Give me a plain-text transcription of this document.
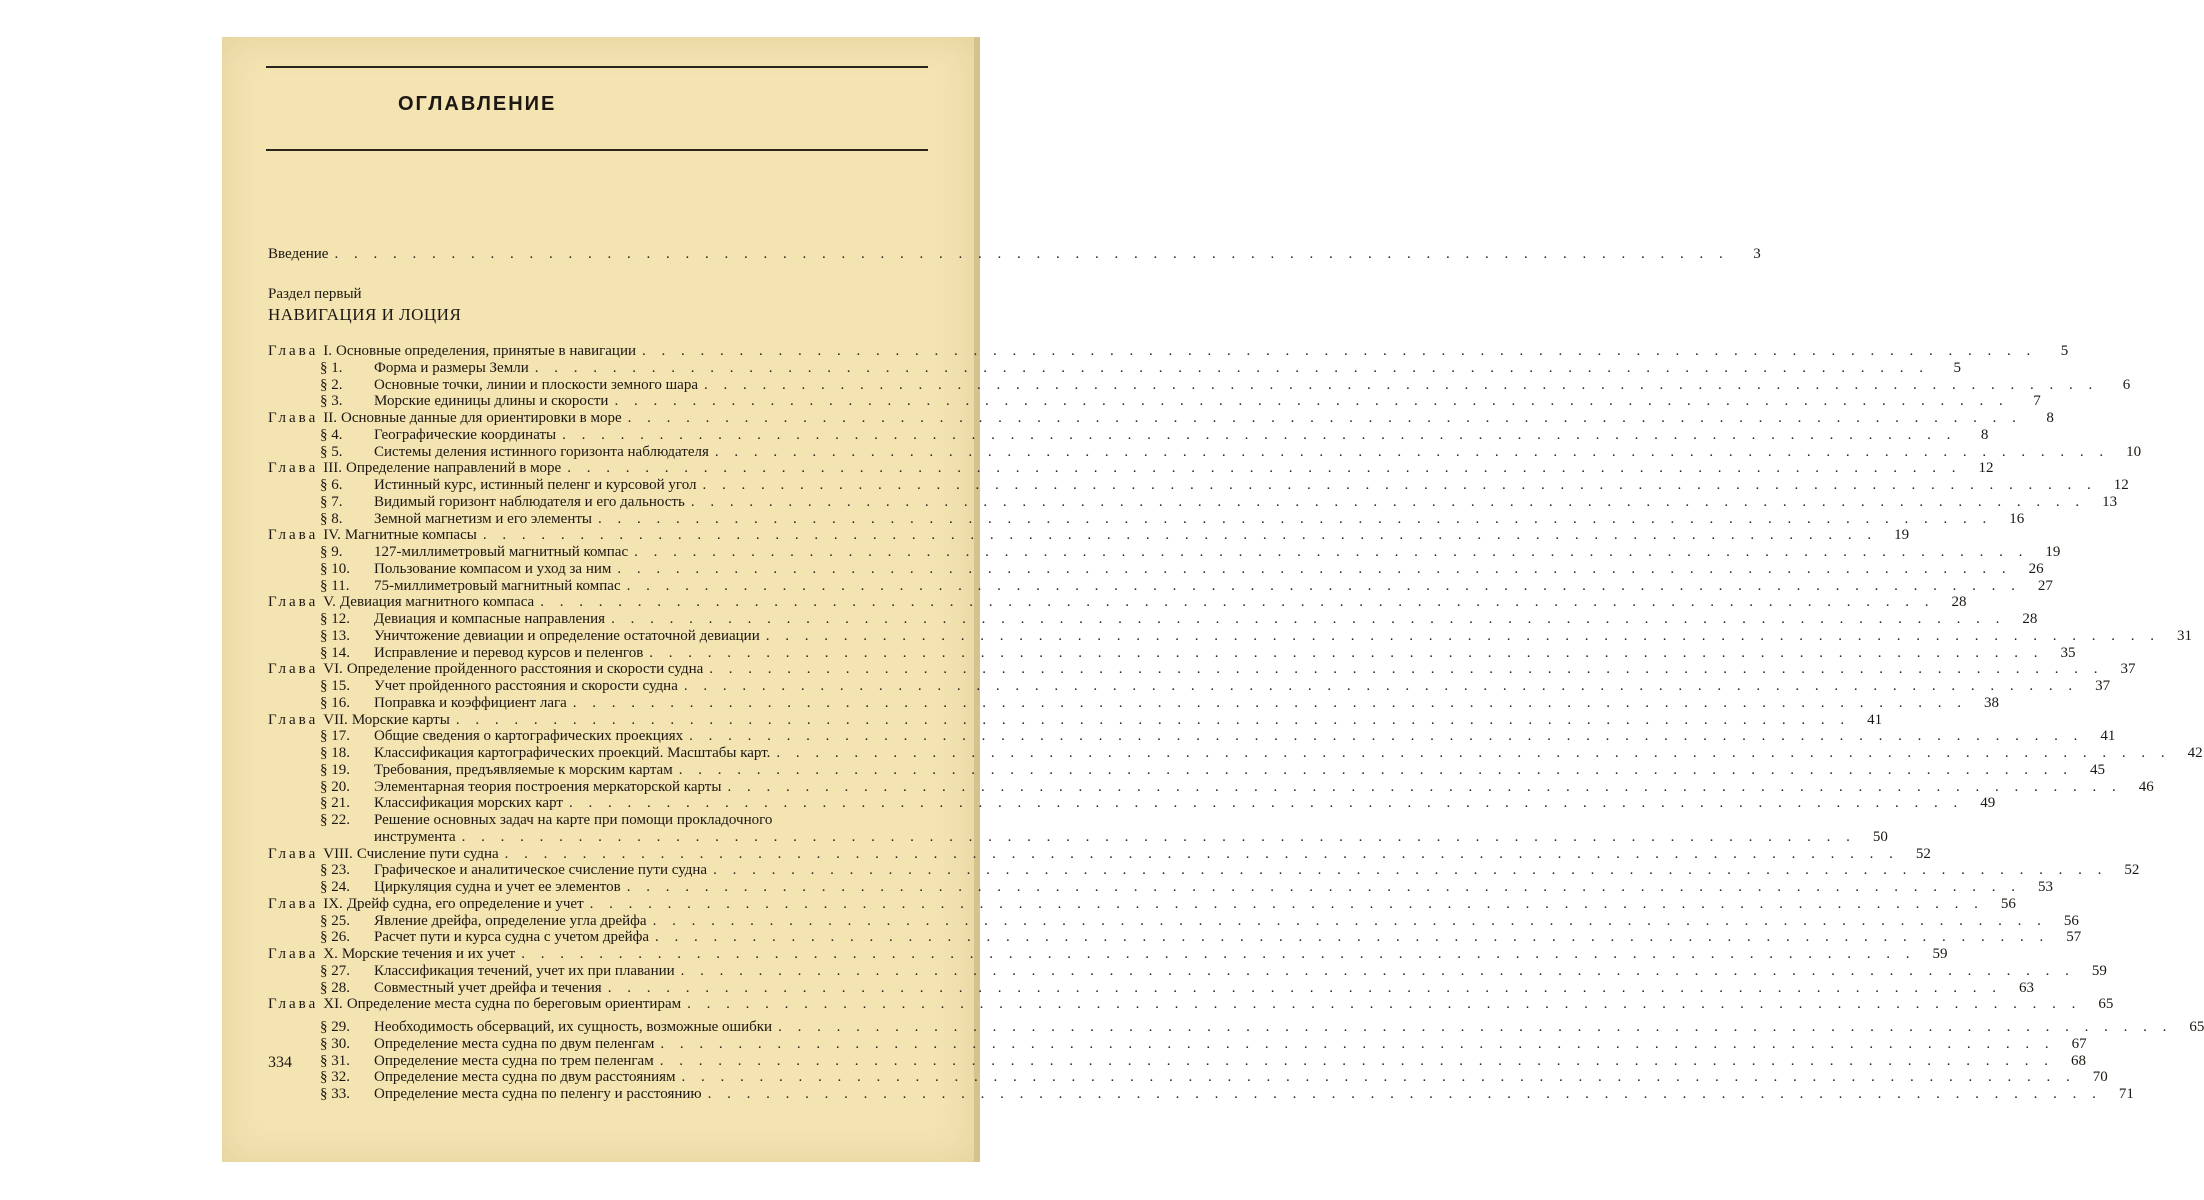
ОГЛАВЛЕНИЕ
Введение . . . . . . . . . . . . . . . . . . . . . . . . . . . . . . . . . . . . . . . . . . . . . . . . . . . . . . . . . . . . . . . . . . . . . . . .	3
Раздел первый
НАВИГАЦИЯ И ЛОЦИЯ
Глава I. Основные определения, принятые в навигации . . . . . . . . . . . . . . . . . . . . . . . . . . . . . . . . . . . . . . . . . . . . . . . . . . . . . . . . . . . . . . . . . . . . . . . .	5
§ 1.	Форма и размеры Земли . . . . . . . . . . . . . . . . . . . . . . . . . . . . . . . . . . . . . . . . . . . . . . . . . . . . . . . . . . . . . . . . . . . . . . . .	5
§ 2.	Основные точки, линии и плоскости земного шара . . . . . . . . . . . . . . . . . . . . . . . . . . . . . . . . . . . . . . . . . . . . . . . . . . . . . . . . . . . . . . . . . . . . . . . .	6
§ 3.	Морские единицы длины и скорости . . . . . . . . . . . . . . . . . . . . . . . . . . . . . . . . . . . . . . . . . . . . . . . . . . . . . . . . . . . . . . . . . . . . . . . .	7
Глава II. Основные данные для ориентировки в море . . . . . . . . . . . . . . . . . . . . . . . . . . . . . . . . . . . . . . . . . . . . . . . . . . . . . . . . . . . . . . . . . . . . . . . .	8
§ 4.	Географические координаты . . . . . . . . . . . . . . . . . . . . . . . . . . . . . . . . . . . . . . . . . . . . . . . . . . . . . . . . . . . . . . . . . . . . . . . .	8
§ 5.	Системы деления истинного горизонта наблюдателя . . . . . . . . . . . . . . . . . . . . . . . . . . . . . . . . . . . . . . . . . . . . . . . . . . . . . . . . . . . . . . . . . . . . . . . .	10
Глава III. Определение направлений в море . . . . . . . . . . . . . . . . . . . . . . . . . . . . . . . . . . . . . . . . . . . . . . . . . . . . . . . . . . . . . . . . . . . . . . . .	12
§ 6.	Истинный курс, истинный пеленг и курсовой угол . . . . . . . . . . . . . . . . . . . . . . . . . . . . . . . . . . . . . . . . . . . . . . . . . . . . . . . . . . . . . . . . . . . . . . . .	12
§ 7.	Видимый горизонт наблюдателя и его дальность . . . . . . . . . . . . . . . . . . . . . . . . . . . . . . . . . . . . . . . . . . . . . . . . . . . . . . . . . . . . . . . . . . . . . . . .	13
§ 8.	Земной магнетизм и его элементы . . . . . . . . . . . . . . . . . . . . . . . . . . . . . . . . . . . . . . . . . . . . . . . . . . . . . . . . . . . . . . . . . . . . . . . .	16
Глава IV. Магнитные компасы . . . . . . . . . . . . . . . . . . . . . . . . . . . . . . . . . . . . . . . . . . . . . . . . . . . . . . . . . . . . . . . . . . . . . . . .	19
§ 9.	127-миллиметровый магнитный компас . . . . . . . . . . . . . . . . . . . . . . . . . . . . . . . . . . . . . . . . . . . . . . . . . . . . . . . . . . . . . . . . . . . . . . . .	19
§ 10.	Пользование компасом и уход за ним . . . . . . . . . . . . . . . . . . . . . . . . . . . . . . . . . . . . . . . . . . . . . . . . . . . . . . . . . . . . . . . . . . . . . . . .	26
§ 11.	75-миллиметровый магнитный компас . . . . . . . . . . . . . . . . . . . . . . . . . . . . . . . . . . . . . . . . . . . . . . . . . . . . . . . . . . . . . . . . . . . . . . . .	27
Глава V. Девиация магнитного компаса . . . . . . . . . . . . . . . . . . . . . . . . . . . . . . . . . . . . . . . . . . . . . . . . . . . . . . . . . . . . . . . . . . . . . . . .	28
§ 12.	Девиация и компасные направления . . . . . . . . . . . . . . . . . . . . . . . . . . . . . . . . . . . . . . . . . . . . . . . . . . . . . . . . . . . . . . . . . . . . . . . .	28
§ 13.	Уничтожение девиации и определение остаточной девиации . . . . . . . . . . . . . . . . . . . . . . . . . . . . . . . . . . . . . . . . . . . . . . . . . . . . . . . . . . . . . . . . . . . . . . . .	31
§ 14.	Исправление и перевод курсов и пеленгов . . . . . . . . . . . . . . . . . . . . . . . . . . . . . . . . . . . . . . . . . . . . . . . . . . . . . . . . . . . . . . . . . . . . . . . .	35
Глава VI. Определение пройденного расстояния и скорости судна . . . . . . . . . . . . . . . . . . . . . . . . . . . . . . . . . . . . . . . . . . . . . . . . . . . . . . . . . . . . . . . . . . . . . . . .	37
§ 15.	Учет пройденного расстояния и скорости судна . . . . . . . . . . . . . . . . . . . . . . . . . . . . . . . . . . . . . . . . . . . . . . . . . . . . . . . . . . . . . . . . . . . . . . . .	37
§ 16.	Поправка и коэффициент лага . . . . . . . . . . . . . . . . . . . . . . . . . . . . . . . . . . . . . . . . . . . . . . . . . . . . . . . . . . . . . . . . . . . . . . . .	38
Глава VII. Морские карты . . . . . . . . . . . . . . . . . . . . . . . . . . . . . . . . . . . . . . . . . . . . . . . . . . . . . . . . . . . . . . . . . . . . . . . .	41
§ 17.	Общие сведения о картографических проекциях . . . . . . . . . . . . . . . . . . . . . . . . . . . . . . . . . . . . . . . . . . . . . . . . . . . . . . . . . . . . . . . . . . . . . . . .	41
§ 18.	Классификация картографических проекций. Масштабы карт. . . . . . . . . . . . . . . . . . . . . . . . . . . . . . . . . . . . . . . . . . . . . . . . . . . . . . . . . . . . . . . . . . . . . . . . .	42
§ 19.	Требования, предъявляемые к морским картам . . . . . . . . . . . . . . . . . . . . . . . . . . . . . . . . . . . . . . . . . . . . . . . . . . . . . . . . . . . . . . . . . . . . . . . .	45
§ 20.	Элементарная теория построения меркаторской карты . . . . . . . . . . . . . . . . . . . . . . . . . . . . . . . . . . . . . . . . . . . . . . . . . . . . . . . . . . . . . . . . . . . . . . . .	46
§ 21.	Классификация морских карт . . . . . . . . . . . . . . . . . . . . . . . . . . . . . . . . . . . . . . . . . . . . . . . . . . . . . . . . . . . . . . . . . . . . . . . .	49
§ 22.	Решение основных задач на карте при помощи прокладочного
инструмента . . . . . . . . . . . . . . . . . . . . . . . . . . . . . . . . . . . . . . . . . . . . . . . . . . . . . . . . . . . . . . . . . . . . . . . .	50
Глава VIII. Счисление пути судна . . . . . . . . . . . . . . . . . . . . . . . . . . . . . . . . . . . . . . . . . . . . . . . . . . . . . . . . . . . . . . . . . . . . . . . .	52
§ 23.	Графическое и аналитическое счисление пути судна . . . . . . . . . . . . . . . . . . . . . . . . . . . . . . . . . . . . . . . . . . . . . . . . . . . . . . . . . . . . . . . . . . . . . . . .	52
§ 24.	Циркуляция судна и учет ее элементов . . . . . . . . . . . . . . . . . . . . . . . . . . . . . . . . . . . . . . . . . . . . . . . . . . . . . . . . . . . . . . . . . . . . . . . .	53
Глава IX. Дрейф судна, его определение и учет . . . . . . . . . . . . . . . . . . . . . . . . . . . . . . . . . . . . . . . . . . . . . . . . . . . . . . . . . . . . . . . . . . . . . . . .	56
§ 25.	Явление дрейфа, определение угла дрейфа . . . . . . . . . . . . . . . . . . . . . . . . . . . . . . . . . . . . . . . . . . . . . . . . . . . . . . . . . . . . . . . . . . . . . . . .	56
§ 26.	Расчет пути и курса судна с учетом дрейфа . . . . . . . . . . . . . . . . . . . . . . . . . . . . . . . . . . . . . . . . . . . . . . . . . . . . . . . . . . . . . . . . . . . . . . . .	57
Глава X. Морские течения и их учет . . . . . . . . . . . . . . . . . . . . . . . . . . . . . . . . . . . . . . . . . . . . . . . . . . . . . . . . . . . . . . . . . . . . . . . .	59
§ 27.	Классификация течений, учет их при плавании . . . . . . . . . . . . . . . . . . . . . . . . . . . . . . . . . . . . . . . . . . . . . . . . . . . . . . . . . . . . . . . . . . . . . . . .	59
§ 28.	Совместный учет дрейфа и течения . . . . . . . . . . . . . . . . . . . . . . . . . . . . . . . . . . . . . . . . . . . . . . . . . . . . . . . . . . . . . . . . . . . . . . . .	63
Глава XI. Определение места судна по береговым ориентирам . . . . . . . . . . . . . . . . . . . . . . . . . . . . . . . . . . . . . . . . . . . . . . . . . . . . . . . . . . . . . . . . . . . . . . . .	65
§ 29.	Необходимость обсерваций, их сущность, возможные ошибки . . . . . . . . . . . . . . . . . . . . . . . . . . . . . . . . . . . . . . . . . . . . . . . . . . . . . . . . . . . . . . . . . . . . . . . .	65
§ 30.	Определение места судна по двум пеленгам . . . . . . . . . . . . . . . . . . . . . . . . . . . . . . . . . . . . . . . . . . . . . . . . . . . . . . . . . . . . . . . . . . . . . . . .	67
§ 31.	Определение места судна по трем пеленгам . . . . . . . . . . . . . . . . . . . . . . . . . . . . . . . . . . . . . . . . . . . . . . . . . . . . . . . . . . . . . . . . . . . . . . . .	68
§ 32.	Определение места судна по двум расстояниям . . . . . . . . . . . . . . . . . . . . . . . . . . . . . . . . . . . . . . . . . . . . . . . . . . . . . . . . . . . . . . . . . . . . . . . .	70
§ 33.	Определение места судна по пеленгу и расстоянию . . . . . . . . . . . . . . . . . . . . . . . . . . . . . . . . . . . . . . . . . . . . . . . . . . . . . . . . . . . . . . . . . . . . . . . .	71
334
